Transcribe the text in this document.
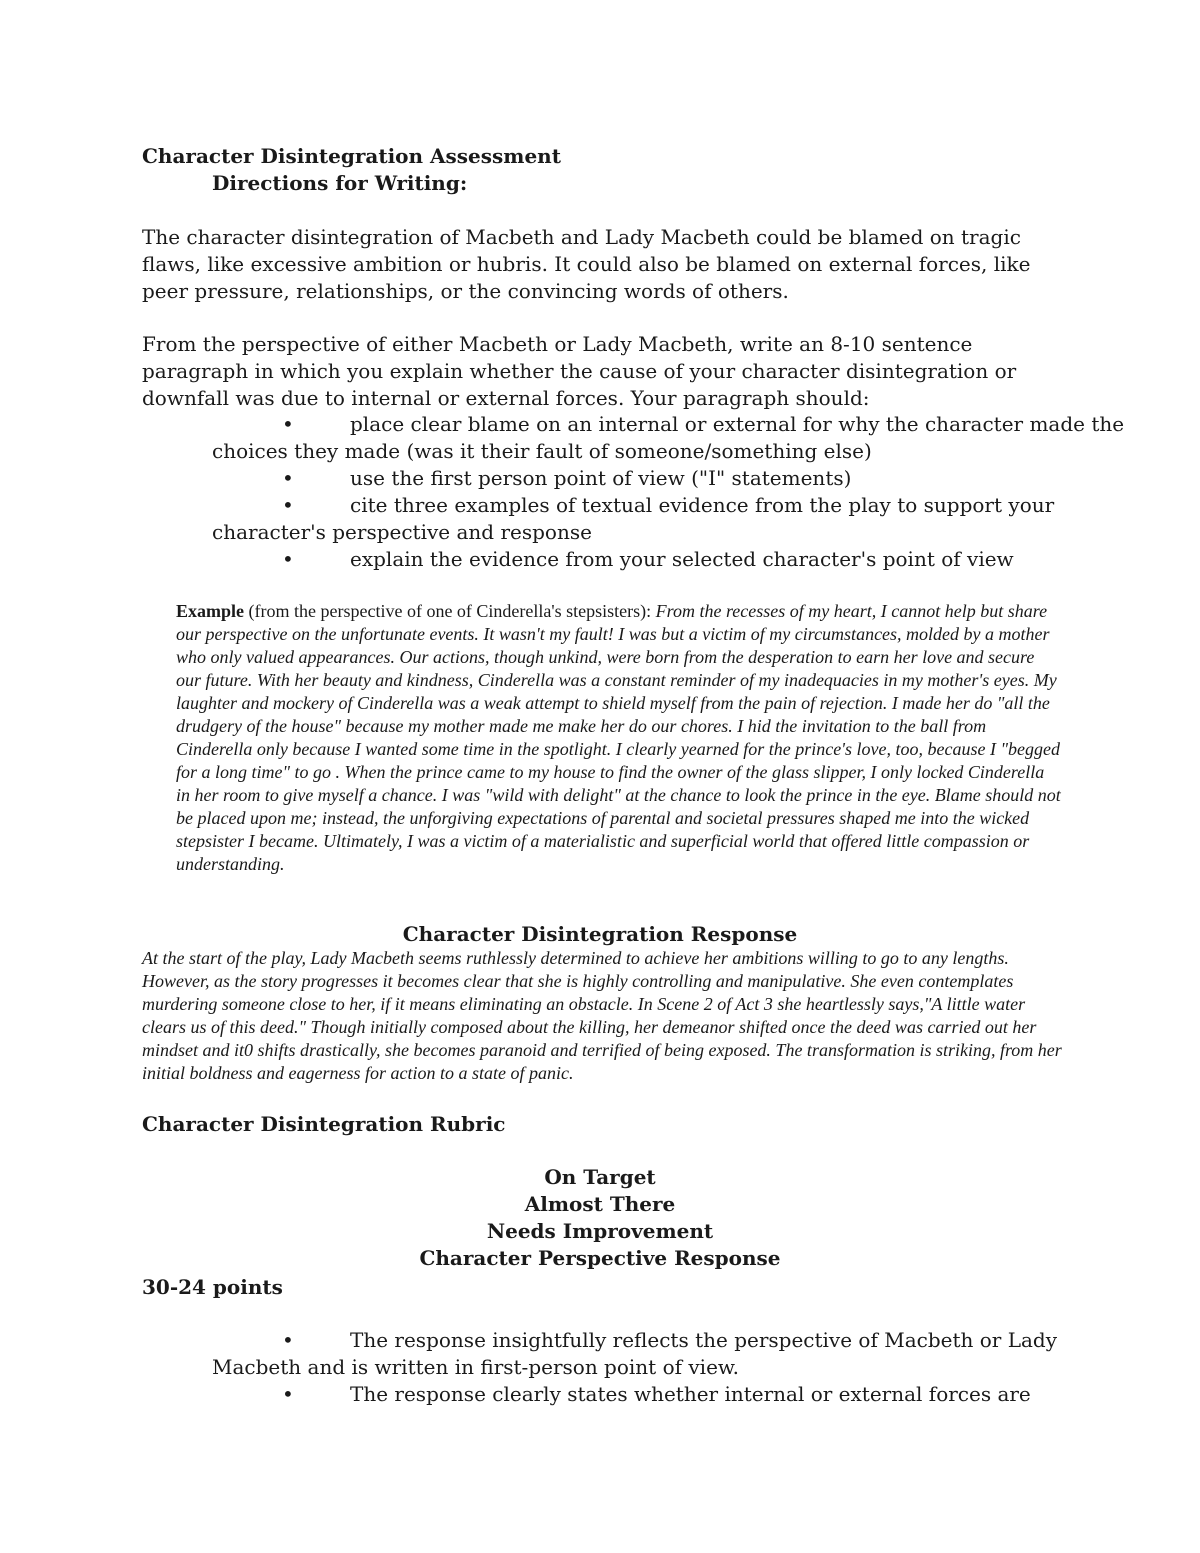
Character Disintegration Assessment
Directions for Writing:
The character disintegration of Macbeth and Lady Macbeth could be blamed on tragic flaws, like excessive ambition or hubris. It could also be blamed on external forces, like peer pressure, relationships, or the convincing words of others.
From the perspective of either Macbeth or Lady Macbeth, write an 8-10 sentence paragraph in which you explain whether the cause of your character disintegration or downfall was due to internal or external forces. Your paragraph should:
•	place clear blame on an internal or external for why the character made the
choices they made (was it their fault of someone/something else)
•	use the first person point of view ("I" statements)
•	cite three examples of textual evidence from the play to support your
character's perspective and response
•	explain the evidence from your selected character's point of view
Example (from the perspective of one of Cinderella's stepsisters): From the recesses of my heart, I cannot help but share our perspective on the unfortunate events. It wasn't my fault! I was but a victim of my circumstances, molded by a mother who only valued appearances. Our actions, though unkind, were born from the desperation to earn her love and secure our future. With her beauty and kindness, Cinderella was a constant reminder of my inadequacies in my mother's eyes. My laughter and mockery of Cinderella was a weak attempt to shield myself from the pain of rejection. I made her do "all the drudgery of the house" because my mother made me make her do our chores. I hid the invitation to the ball from Cinderella only because I wanted some time in the spotlight. I clearly yearned for the prince's love, too, because I "begged for a long time" to go . When the prince came to my house to find the owner of the glass slipper, I only locked Cinderella in her room to give myself a chance. I was "wild with delight" at the chance to look the prince in the eye. Blame should not be placed upon me; instead, the unforgiving expectations of parental and societal pressures shaped me into the wicked stepsister I became. Ultimately, I was a victim of a materialistic and superficial world that offered little compassion or understanding.
Character Disintegration Response
At the start of the play, Lady Macbeth seems ruthlessly determined to achieve her ambitions willing to go to any lengths. However, as the story progresses it becomes clear that she is highly controlling and manipulative. She even contemplates murdering someone close to her, if it means eliminating an obstacle. In Scene 2 of Act 3 she heartlessly says,"A little water clears us of this deed." Though initially composed about the killing, her demeanor shifted once the deed was carried out her mindset and it0 shifts drastically, she becomes paranoid and terrified of being exposed. The transformation is striking, from her initial boldness and eagerness for action to a state of panic.
Character Disintegration Rubric
On Target
Almost There
Needs Improvement
Character Perspective Response
30-24 points
•	The response insightfully reflects the perspective of Macbeth or Lady
Macbeth and is written in first-person point of view.
•	The response clearly states whether internal or external forces are
